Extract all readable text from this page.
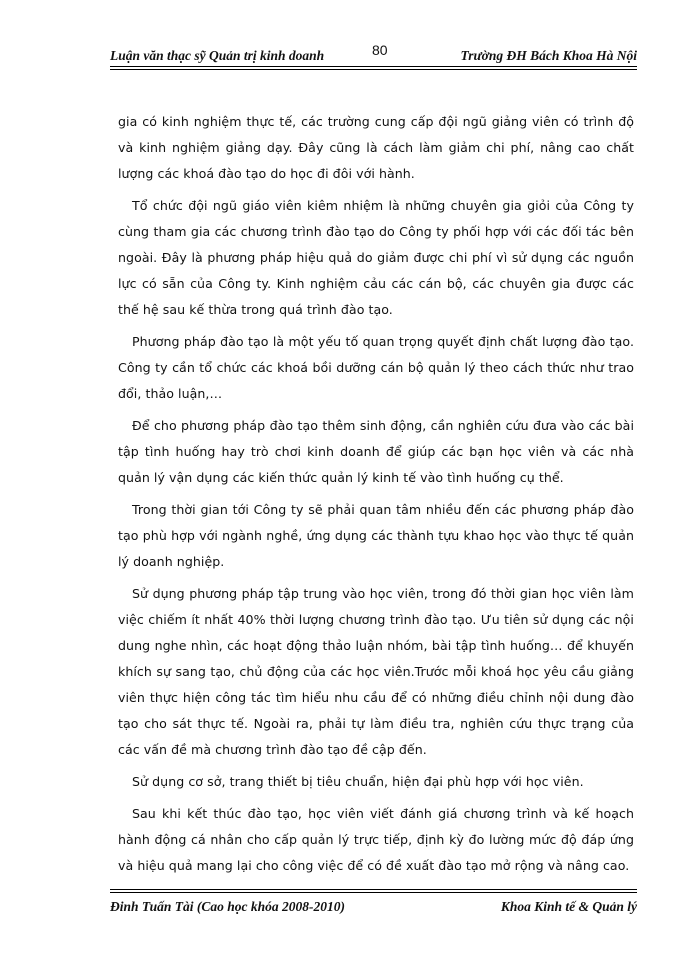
Luận văn thạc sỹ Quản trị kinh doanh	80	Trường ĐH Bách Khoa Hà Nội

gia có kinh nghiệm thực tế, các trường cung cấp đội ngũ giảng viên có trình độ và kinh nghiệm giảng dạy. Đây cũng là cách làm giảm chi phí, nâng cao chất lượng các khoá đào tạo do học đi đôi với hành.

Tổ chức đội ngũ giáo viên kiêm nhiệm là những chuyên gia giỏi của Công ty cùng tham gia các chương trình đào tạo do Công ty phối hợp với các đối tác bên ngoài. Đây là phương pháp hiệu quả do giảm được chi phí vì sử dụng các nguồn lực có sẵn của Công ty. Kinh nghiệm cảu các cán bộ, các chuyên gia được các thế hệ sau kế thừa trong quá trình đào tạo.

Phương pháp đào tạo là một yếu tố quan trọng quyết định chất lượng đào tạo. Công ty cần tổ chức các khoá bồi dưỡng cán bộ quản lý theo cách thức như trao đổi, thảo luận,…

Để cho phương pháp đào tạo thêm sinh động, cần nghiên cứu đưa vào các bài tập tình huống hay trò chơi kinh doanh để giúp các bạn học viên và các nhà quản lý vận dụng các kiến thức quản lý kinh tế vào tình huống cụ thể.

Trong thời gian tới Công ty sẽ phải quan tâm nhiều đến các phương pháp đào tạo phù hợp với ngành nghề, ứng dụng các thành tựu khao học vào thực tế quản lý doanh nghiệp.

Sử dụng phương pháp tập trung vào học viên, trong đó thời gian học viên làm việc chiếm ít nhất 40% thời lượng chương trình đào tạo. Ưu tiên sử dụng các nội dung nghe nhìn, các hoạt động thảo luận nhóm, bài tập tình huống… để khuyến khích sự sang tạo, chủ động của các học viên.Trước mỗi khoá học yêu cầu giảng viên thực hiện công tác tìm hiểu nhu cầu để có những điều chỉnh nội dung đào tạo cho sát thực tế. Ngoài ra, phải tự làm điều tra, nghiên cứu thực trạng của các vấn đề mà chương trình đào tạo đề cập đến.

Sử dụng cơ sở, trang thiết bị tiêu chuẩn, hiện đại phù hợp với học viên.

Sau khi kết thúc đào tạo, học viên viết đánh giá chương trình và kế hoạch hành động cá nhân cho cấp quản lý trực tiếp, định kỳ đo lường mức độ đáp ứng và hiệu quả mang lại cho công việc để có đề xuất đào tạo mở rộng và nâng cao.

Đinh Tuấn Tài (Cao học khóa 2008-2010)	Khoa Kinh tế & Quản lý
